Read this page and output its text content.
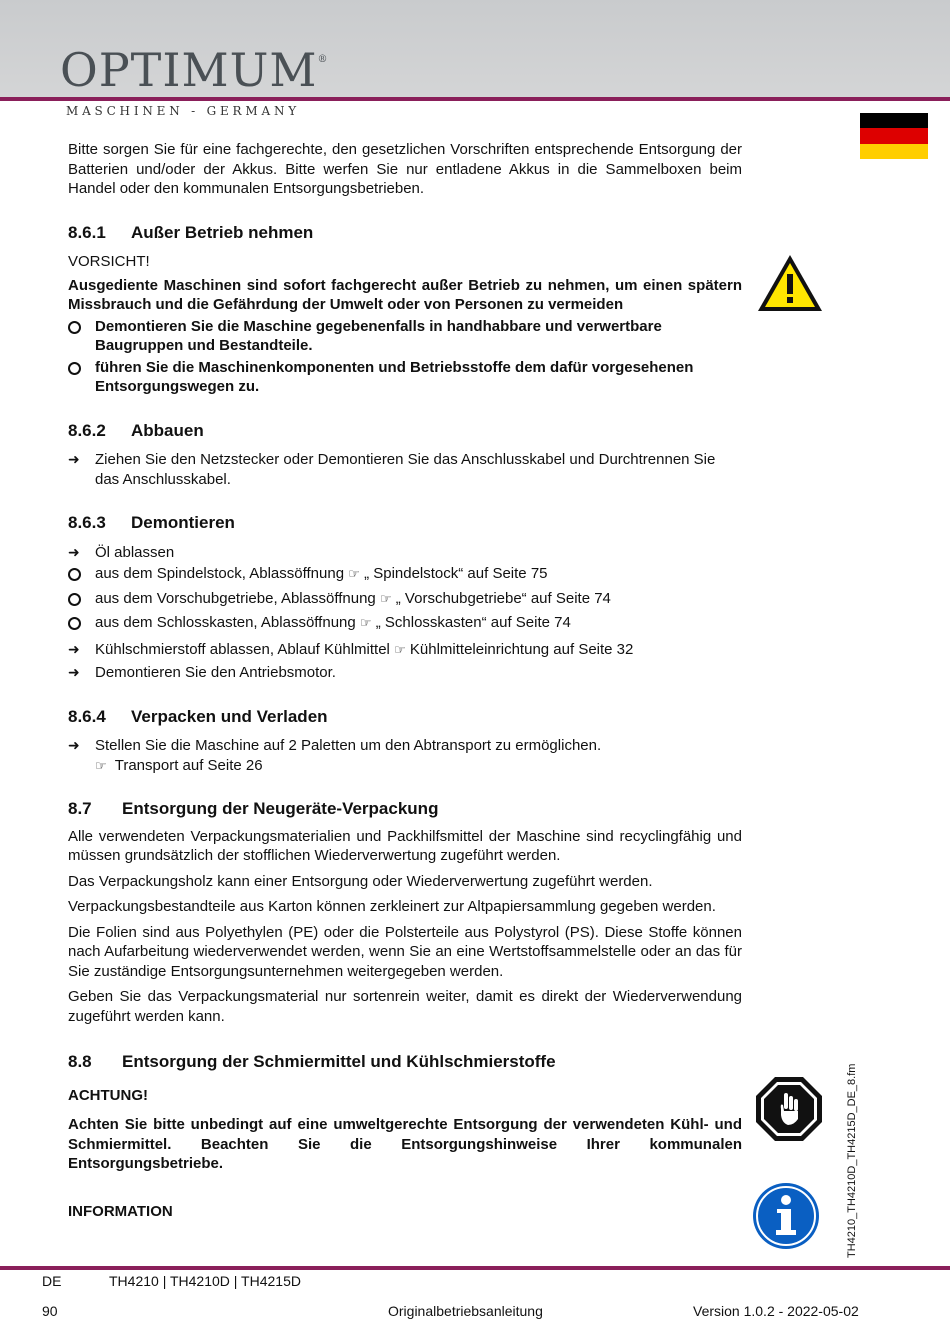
OPTIMUM®
MASCHINEN - GERMANY

Bitte sorgen Sie für eine fachgerechte, den gesetzlichen Vorschriften entsprechende Entsorgung der Batterien und/oder der Akkus. Bitte werfen Sie nur entladene Akkus in die Sammelboxen beim Handel oder den kommunalen Entsorgungsbetrieben.

8.6.1	Außer Betrieb nehmen

VORSICHT!

Ausgediente Maschinen sind sofort fachgerecht außer Betrieb zu nehmen, um einen spätern Missbrauch und die Gefährdung der Umwelt oder von Personen zu vermeiden

Demontieren Sie die Maschine gegebenenfalls in handhabbare und verwertbare Baugruppen und Bestandteile.
führen Sie die Maschinenkomponenten und Betriebsstoffe dem dafür vorgesehenen Entsorgungswegen zu.
8.6.2	Abbauen
➜	Ziehen Sie den Netzstecker oder Demontieren Sie das Anschlusskabel und Durchtrennen Sie das Anschlusskabel.
8.6.3	Demontieren
➜	Öl ablassen
aus dem Spindelstock, Ablassöffnung ☞ „ Spindelstock“ auf Seite 75
aus dem Vorschubgetriebe, Ablassöffnung ☞ „ Vorschubgetriebe“ auf Seite 74
aus dem Schlosskasten, Ablassöffnung ☞ „ Schlosskasten“ auf Seite 74
➜	Kühlschmierstoff ablassen, Ablauf Kühlmittel ☞ Kühlmitteleinrichtung auf Seite 32
➜	Demontieren Sie den Antriebsmotor.
8.6.4	Verpacken und Verladen
➜	Stellen Sie die Maschine auf 2 Paletten um den Abtransport zu ermöglichen.
☞ Transport auf Seite 26
8.7	Entsorgung der Neugeräte-Verpackung

Alle verwendeten Verpackungsmaterialien und Packhilfsmittel der Maschine sind recyclingfähig und müssen grundsätzlich der stofflichen Wiederverwertung zugeführt werden.

Das Verpackungsholz kann einer Entsorgung oder Wiederverwertung zugeführt werden.

Verpackungsbestandteile aus Karton können zerkleinert zur Altpapiersammlung gegeben werden.

Die Folien sind aus Polyethylen (PE) oder die Polsterteile aus Polystyrol (PS). Diese Stoffe können nach Aufarbeitung wiederverwendet werden, wenn Sie an eine Wertstoffsammelstelle oder an das für Sie zuständige Entsorgungsunternehmen weitergegeben werden.

Geben Sie das Verpackungsmaterial nur sortenrein weiter, damit es direkt der Wiederverwendung zugeführt werden kann.

8.8	Entsorgung der Schmiermittel und Kühlschmierstoffe

ACHTUNG!

Achten Sie bitte unbedingt auf eine umweltgerechte Entsorgung der verwendeten Kühl- und Schmiermittel. Beachten Sie die Entsorgungshinweise Ihrer kommunalen Entsorgungsbetriebe.

INFORMATION	TH4210_TH4210D_TH4215D_DE_8.fm
DE	TH4210 | TH4210D | TH4215D
90	Originalbetriebsanleitung	Version 1.0.2 - 2022-05-02
